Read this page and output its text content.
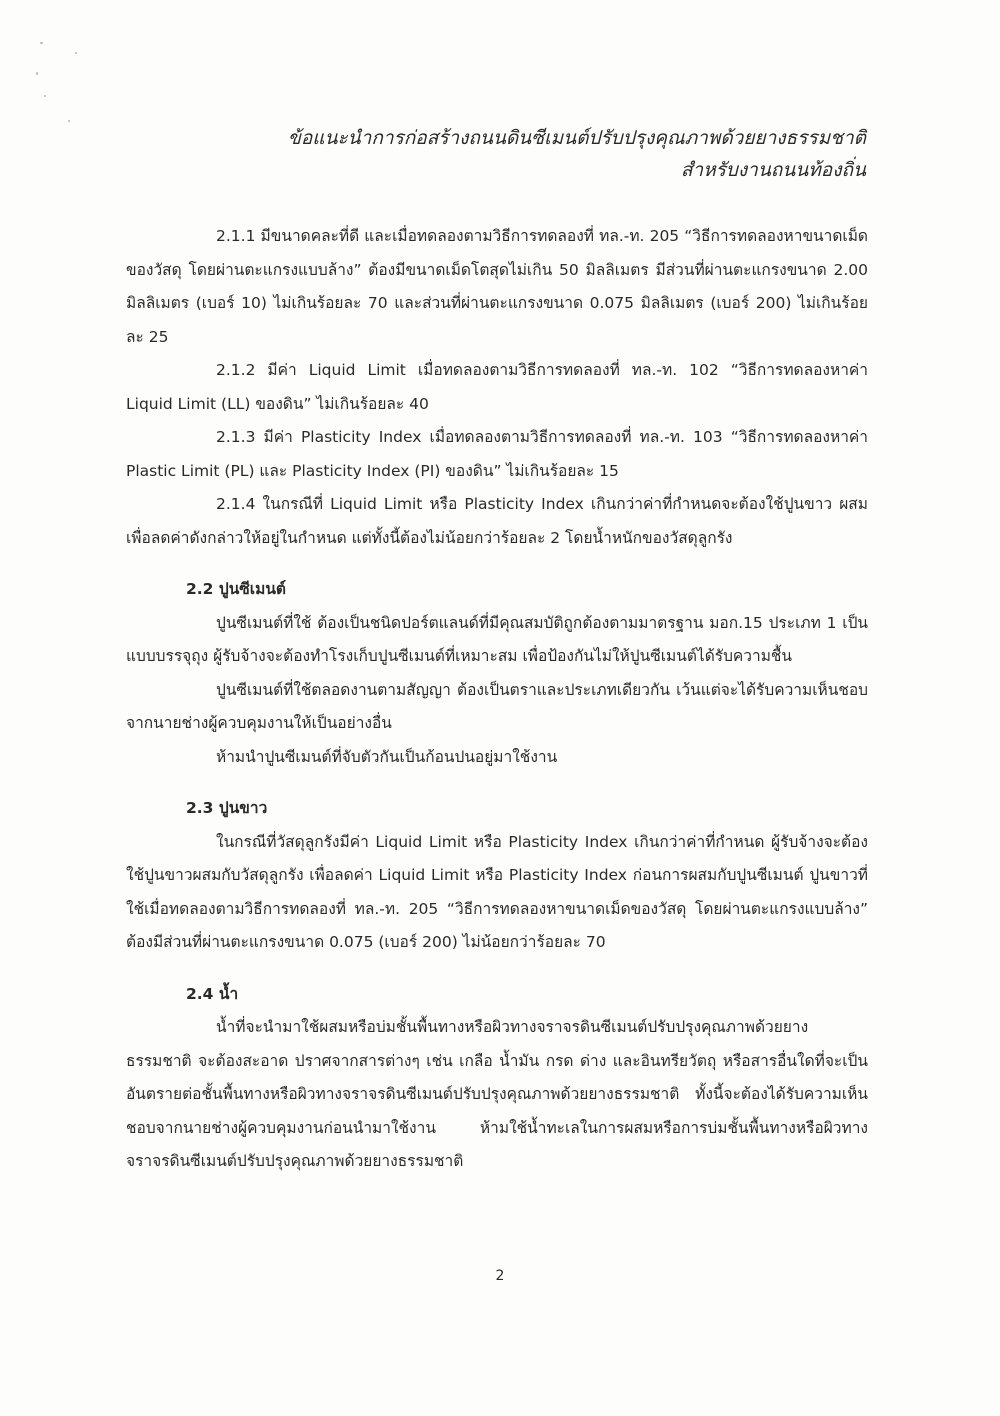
ข้อแนะนำการก่อสร้างถนนดินซีเมนต์ปรับปรุงคุณภาพด้วยยางธรรมชาติ
สำหรับงานถนนท้องถิ่น

2.1.1 มีขนาดคละที่ดี และเมื่อทดลองตามวิธีการทดลองที่ ทล.-ท. 205 “วิธีการทดลองหาขนาดเม็ดของวัสดุ โดยผ่านตะแกรงแบบล้าง” ต้องมีขนาดเม็ดโตสุดไม่เกิน 50 มิลลิเมตร มีส่วนที่ผ่านตะแกรงขนาด 2.00 มิลลิเมตร (เบอร์ 10) ไม่เกินร้อยละ 70 และส่วนที่ผ่านตะแกรงขนาด 0.075 มิลลิเมตร (เบอร์ 200) ไม่เกินร้อยละ 25

2.1.2 มีค่า Liquid Limit เมื่อทดลองตามวิธีการทดลองที่ ทล.-ท. 102 “วิธีการทดลองหาค่า Liquid Limit (LL) ของดิน” ไม่เกินร้อยละ 40

2.1.3 มีค่า Plasticity Index เมื่อทดลองตามวิธีการทดลองที่ ทล.-ท. 103 “วิธีการทดลองหาค่า Plastic Limit (PL) และ Plasticity Index (PI) ของดิน” ไม่เกินร้อยละ 15

2.1.4 ในกรณีที่ Liquid Limit หรือ Plasticity Index เกินกว่าค่าที่กำหนดจะต้องใช้ปูนขาว ผสมเพื่อลดค่าดังกล่าวให้อยู่ในกำหนด แต่ทั้งนี้ต้องไม่น้อยกว่าร้อยละ 2 โดยน้ำหนักของวัสดุลูกรัง

2.2 ปูนซีเมนต์

ปูนซีเมนต์ที่ใช้ ต้องเป็นชนิดปอร์ตแลนด์ที่มีคุณสมบัติถูกต้องตามมาตรฐาน มอก.15 ประเภท 1 เป็นแบบบรรจุถุง ผู้รับจ้างจะต้องทำโรงเก็บปูนซีเมนต์ที่เหมาะสม เพื่อป้องกันไม่ให้ปูนซีเมนต์ได้รับความชื้น

ปูนซีเมนต์ที่ใช้ตลอดงานตามสัญญา ต้องเป็นตราและประเภทเดียวกัน เว้นแต่จะได้รับความเห็นชอบจากนายช่างผู้ควบคุมงานให้เป็นอย่างอื่น

ห้ามนำปูนซีเมนต์ที่จับตัวกันเป็นก้อนปนอยู่มาใช้งาน

2.3 ปูนขาว

ในกรณีที่วัสดุลูกรังมีค่า Liquid Limit หรือ Plasticity Index เกินกว่าค่าที่กำหนด ผู้รับจ้างจะต้องใช้ปูนขาวผสมกับวัสดุลูกรัง เพื่อลดค่า Liquid Limit หรือ Plasticity Index ก่อนการผสมกับปูนซีเมนต์ ปูนขาวที่ใช้เมื่อทดลองตามวิธีการทดลองที่ ทล.-ท. 205 “วิธีการทดลองหาขนาดเม็ดของวัสดุ โดยผ่านตะแกรงแบบล้าง” ต้องมีส่วนที่ผ่านตะแกรงขนาด 0.075 (เบอร์ 200) ไม่น้อยกว่าร้อยละ 70

2.4 น้ำ

น้ำที่จะนำมาใช้ผสมหรือบ่มชั้นพื้นทางหรือผิวทางจราจรดินซีเมนต์ปรับปรุงคุณภาพด้วยยางธรรมชาติ จะต้องสะอาด ปราศจากสารต่างๆ เช่น เกลือ น้ำมัน กรด ด่าง และอินทรียวัตถุ หรือสารอื่นใดที่จะเป็นอันตรายต่อชั้นพื้นทางหรือผิวทางจราจรดินซีเมนต์ปรับปรุงคุณภาพด้วยยางธรรมชาติ ทั้งนี้จะต้องได้รับความเห็นชอบจากนายช่างผู้ควบคุมงานก่อนนำมาใช้งาน ห้ามใช้น้ำทะเลในการผสมหรือการบ่มชั้นพื้นทางหรือผิวทางจราจรดินซีเมนต์ปรับปรุงคุณภาพด้วยยางธรรมชาติ

2
